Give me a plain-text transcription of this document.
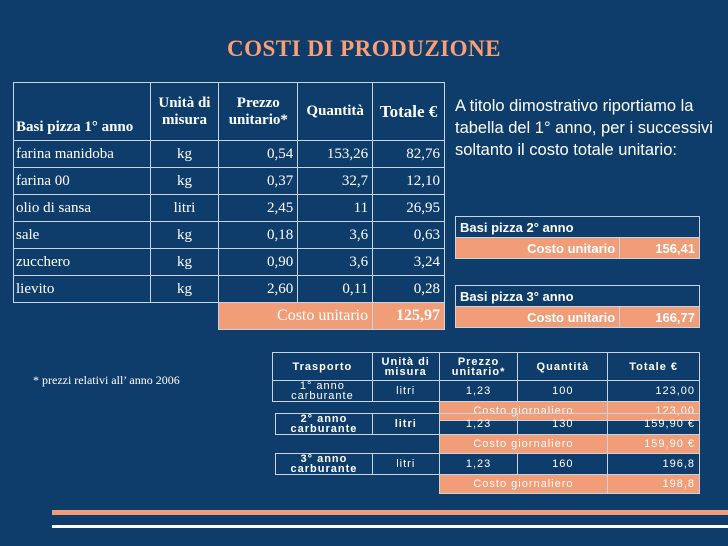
COSTI DI PRODUZIONE
Basi pizza 1° anno	Unità di misura	Prezzo unitario*	Quantità	Totale €
farina manidoba	kg	0,54	153,26	82,76
farina 00	kg	0,37	32,7	12,10
olio di sansa	litri	2,45	11	26,95
sale	kg	0,18	3,6	0,63
zucchero	kg	0,90	3,6	3,24
lievito	kg	2,60	0,11	0,28
		Costo unitario		125,97
A titolo dimostrativo riportiamo la tabella del 1° anno, per i successivi soltanto il costo totale unitario:
Basi pizza 2° anno
Costo unitario	156,41
Basi pizza 3° anno
Costo unitario	166,77
* prezzi relativi all’ anno 2006
Trasporto	Unità di misura	Prezzo unitario*	Quantità	Totale €
1° anno carburante	litri	1,23	100	123,00
		Costo giornaliero		123,00
2° anno carburante	litri	1,23	130	159,90 €
		Costo giornaliero		159,90 €
3° anno carburante	litri	1,23	160	196,8
		Costo giornaliero		198,8
